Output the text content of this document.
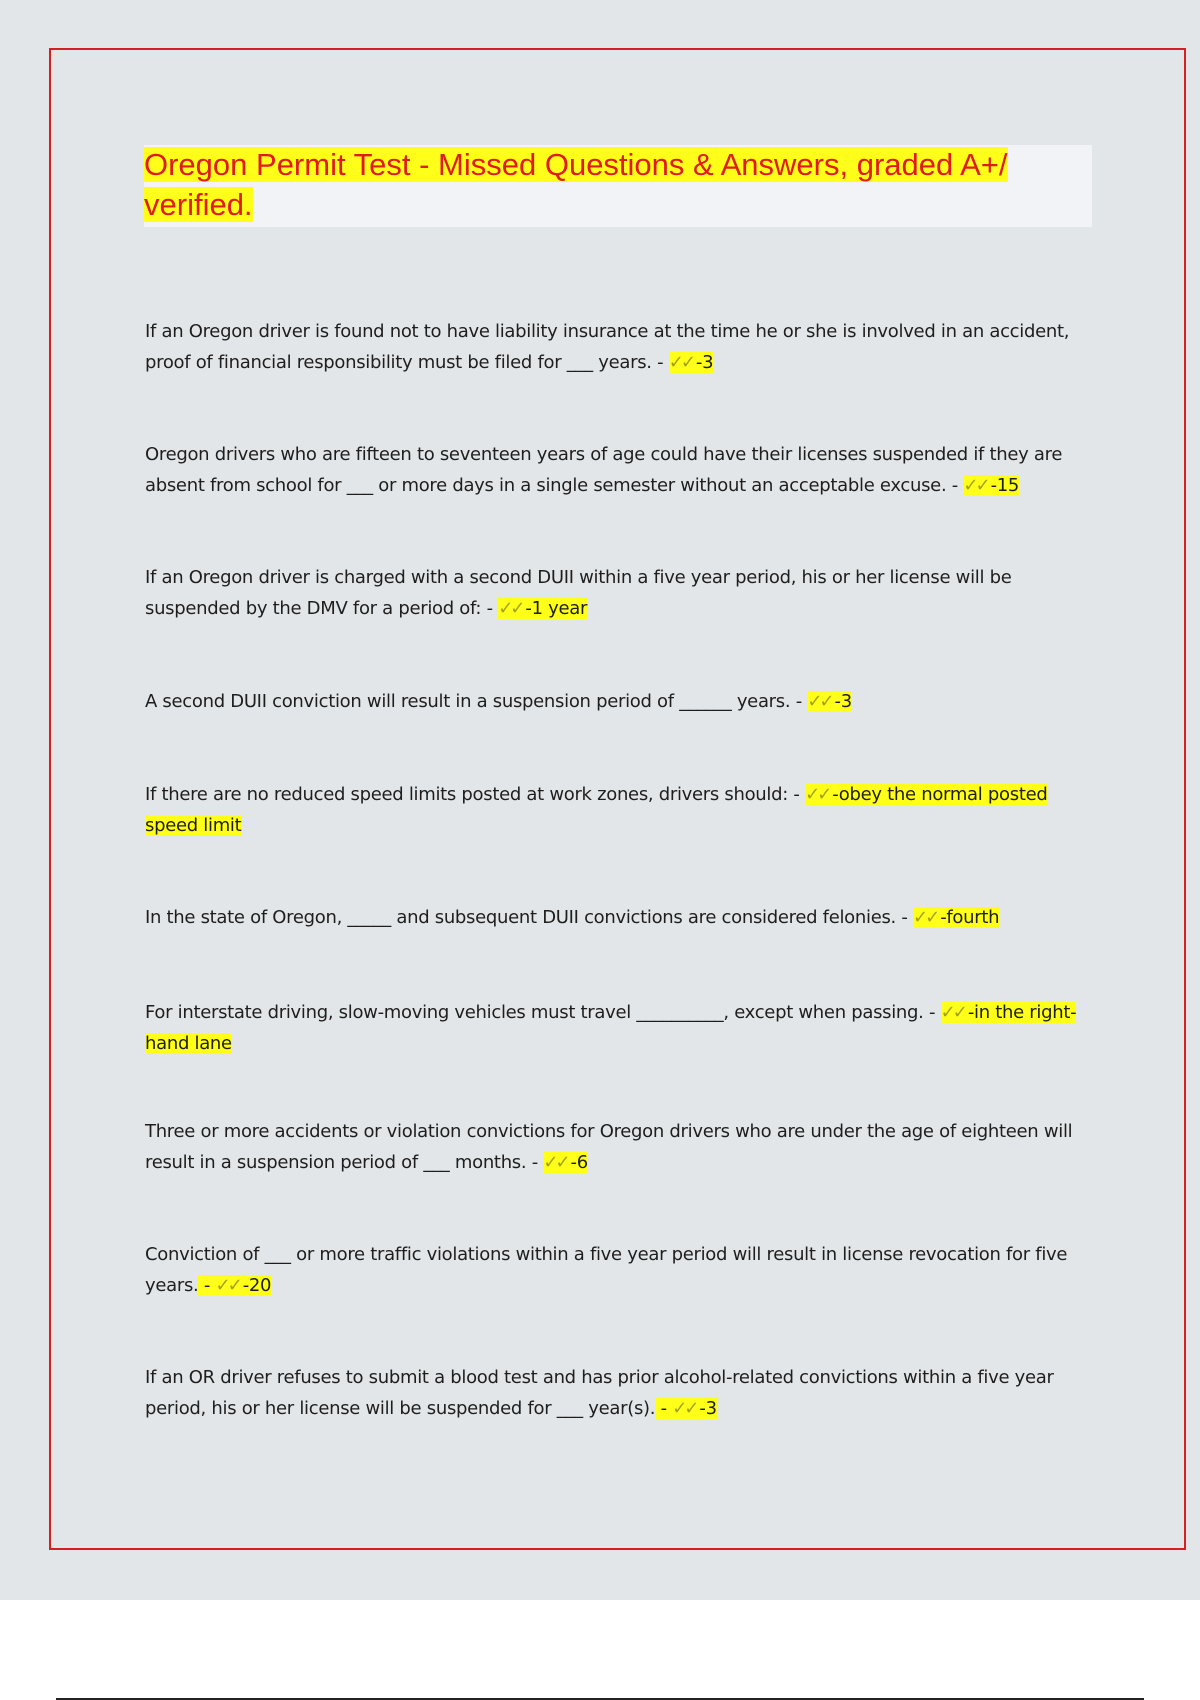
Oregon Permit Test - Missed Questions & Answers, graded A+/ verified.

If an Oregon driver is found not to have liability insurance at the time he or she is involved in an accident, proof of financial responsibility must be filed for ___ years. - ✓✓ -3

Oregon drivers who are fifteen to seventeen years of age could have their licenses suspended if they are absent from school for ___ or more days in a single semester without an acceptable excuse. - ✓✓ -15

If an Oregon driver is charged with a second DUII within a five year period, his or her license will be suspended by the DMV for a period of: - ✓✓ -1 year

A second DUII conviction will result in a suspension period of ______ years. - ✓✓ -3

If there are no reduced speed limits posted at work zones, drivers should: - ✓✓ -obey the normal posted speed limit

In the state of Oregon, _____ and subsequent DUII convictions are considered felonies. - ✓✓ -fourth

For interstate driving, slow-moving vehicles must travel __________, except when passing. - ✓✓ -in the right-hand lane

Three or more accidents or violation convictions for Oregon drivers who are under the age of eighteen will result in a suspension period of ___ months. - ✓✓ -6

Conviction of ___ or more traffic violations within a five year period will result in license revocation for five years. - ✓✓ -20

If an OR driver refuses to submit a blood test and has prior alcohol-related convictions within a five year period, his or her license will be suspended for ___ year(s). - ✓✓ -3
